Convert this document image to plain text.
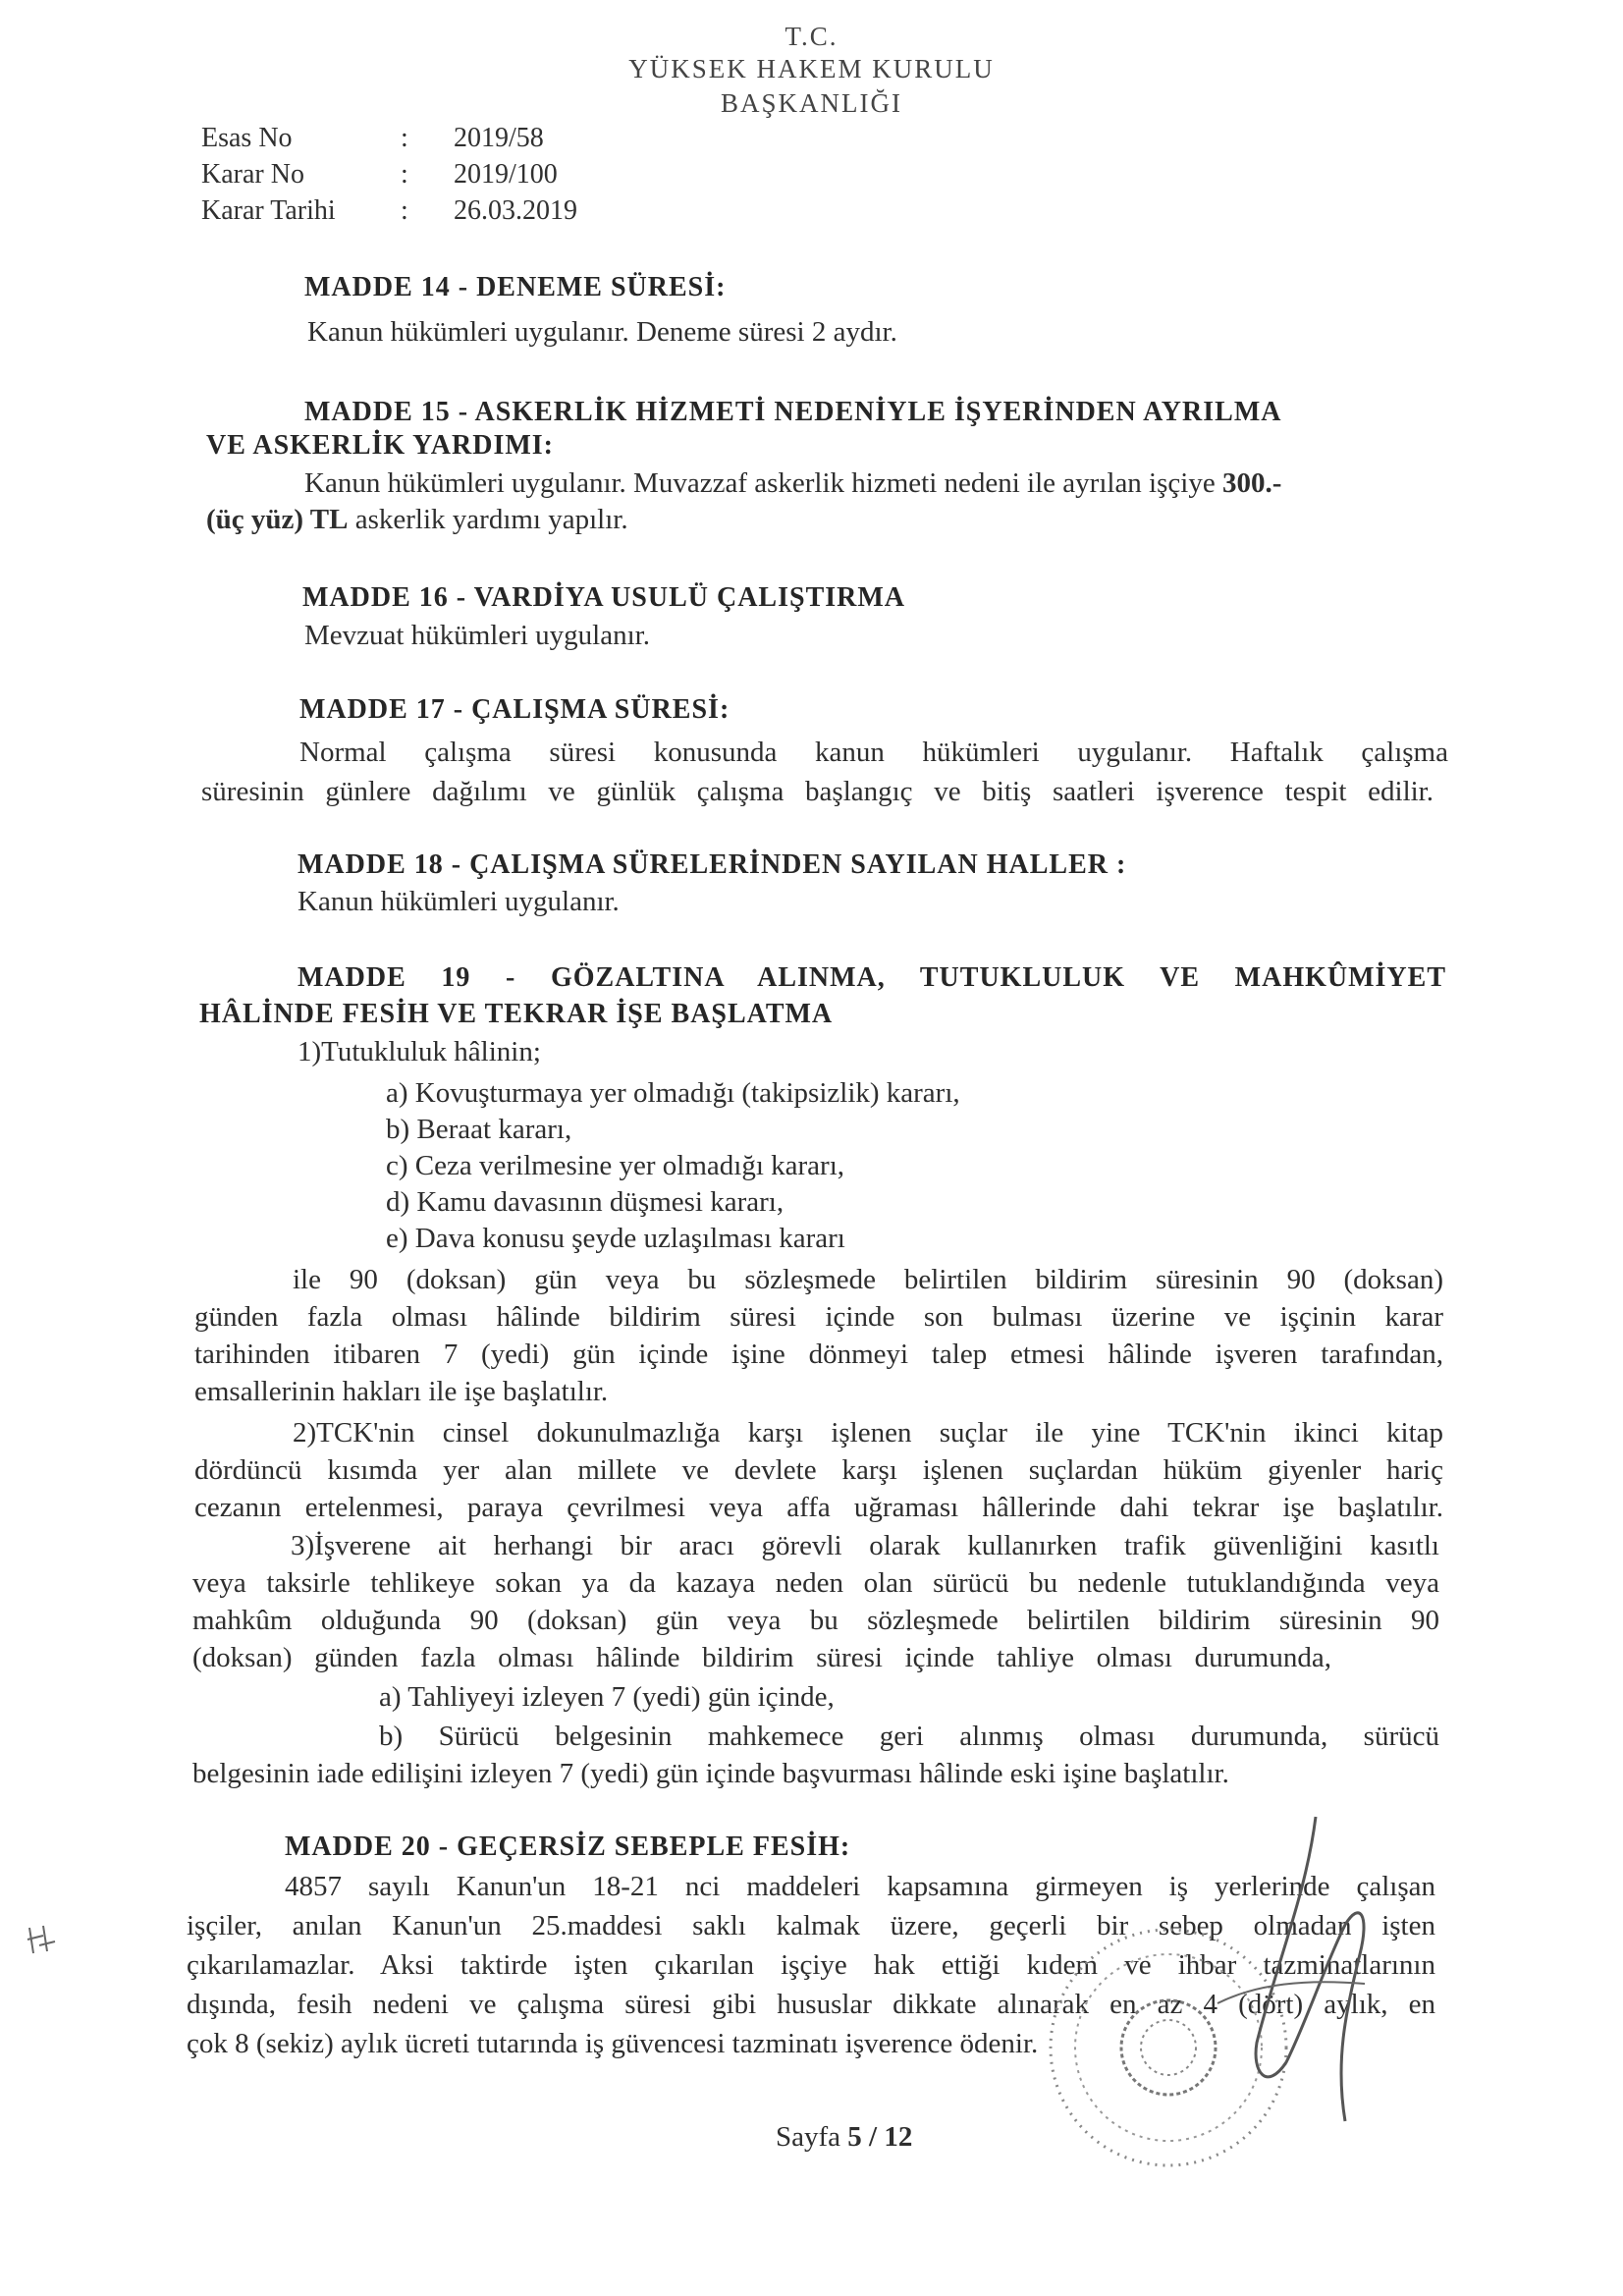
T.C.
YÜKSEK HAKEM KURULU
BAŞKANLIĞI
Esas No	: 2019/58
Karar No	: 2019/100
Karar Tarihi : 26.03.2019
MADDE 14 - DENEME SÜRESİ:
Kanun hükümleri uygulanır. Deneme süresi 2 aydır.
MADDE 15 - ASKERLİK HİZMETİ NEDENİYLE İŞYERİNDEN AYRILMA
VE ASKERLİK YARDIMI:
Kanun hükümleri uygulanır. Muvazzaf askerlik hizmeti nedeni ile ayrılan işçiye 300.-
(üç yüz) TL askerlik yardımı yapılır.
MADDE 16 - VARDİYA USULÜ ÇALIŞTIRMA
Mevzuat hükümleri uygulanır.
MADDE 17 - ÇALIŞMA SÜRESİ:
Normal çalışma süresi konusunda kanun hükümleri uygulanır. Haftalık çalışma
süresinin günlere dağılımı ve günlük çalışma başlangıç ve bitiş saatleri işverence tespit edilir.
MADDE 18 - ÇALIŞMA SÜRELERİNDEN SAYILAN HALLER :
Kanun hükümleri uygulanır.
MADDE 19 - GÖZALTINA ALINMA, TUTUKLULUK VE MAHKÛMİYET
HÂLİNDE FESİH VE TEKRAR İŞE BAŞLATMA
1)Tutukluluk hâlinin;
a) Kovuşturmaya yer olmadığı (takipsizlik) kararı,
b) Beraat kararı,
c) Ceza verilmesine yer olmadığı kararı,
d) Kamu davasının düşmesi kararı,
e) Dava konusu şeyde uzlaşılması kararı
ile 90 (doksan) gün veya bu sözleşmede belirtilen bildirim süresinin 90 (doksan)
günden fazla olması hâlinde bildirim süresi içinde son bulması üzerine ve işçinin karar
tarihinden itibaren 7 (yedi) gün içinde işine dönmeyi talep etmesi hâlinde işveren tarafından,
emsallerinin hakları ile işe başlatılır.
2)TCK'nin cinsel dokunulmazlığa karşı işlenen suçlar ile yine TCK'nin ikinci kitap
dördüncü kısımda yer alan millete ve devlete karşı işlenen suçlardan hüküm giyenler hariç
cezanın ertelenmesi, paraya çevrilmesi veya affa uğraması hâllerinde dahi tekrar işe başlatılır.
3)İşverene ait herhangi bir aracı görevli olarak kullanırken trafik güvenliğini kasıtlı
veya taksirle tehlikeye sokan ya da kazaya neden olan sürücü bu nedenle tutuklandığında veya
mahkûm olduğunda 90 (doksan) gün veya bu sözleşmede belirtilen bildirim süresinin 90
(doksan) günden fazla olması hâlinde bildirim süresi içinde tahliye olması durumunda,
a) Tahliyeyi izleyen 7 (yedi) gün içinde,
b) Sürücü belgesinin mahkemece geri alınmış olması durumunda, sürücü
belgesinin iade edilişini izleyen 7 (yedi) gün içinde başvurması hâlinde eski işine başlatılır.
MADDE 20 - GEÇERSİZ SEBEPLE FESİH:
4857 sayılı Kanun'un 18-21 nci maddeleri kapsamına girmeyen iş yerlerinde çalışan
işçiler, anılan Kanun'un 25.maddesi saklı kalmak üzere, geçerli bir sebep olmadan işten
çıkarılamazlar. Aksi taktirde işten çıkarılan işçiye hak ettiği kıdem ve ihbar tazminatlarının
dışında, fesih nedeni ve çalışma süresi gibi hususlar dikkate alınarak en az 4 (dört) aylık, en
çok 8 (sekiz) aylık ücreti tutarında iş güvencesi tazminatı işverence ödenir.
Sayfa 5 / 12
